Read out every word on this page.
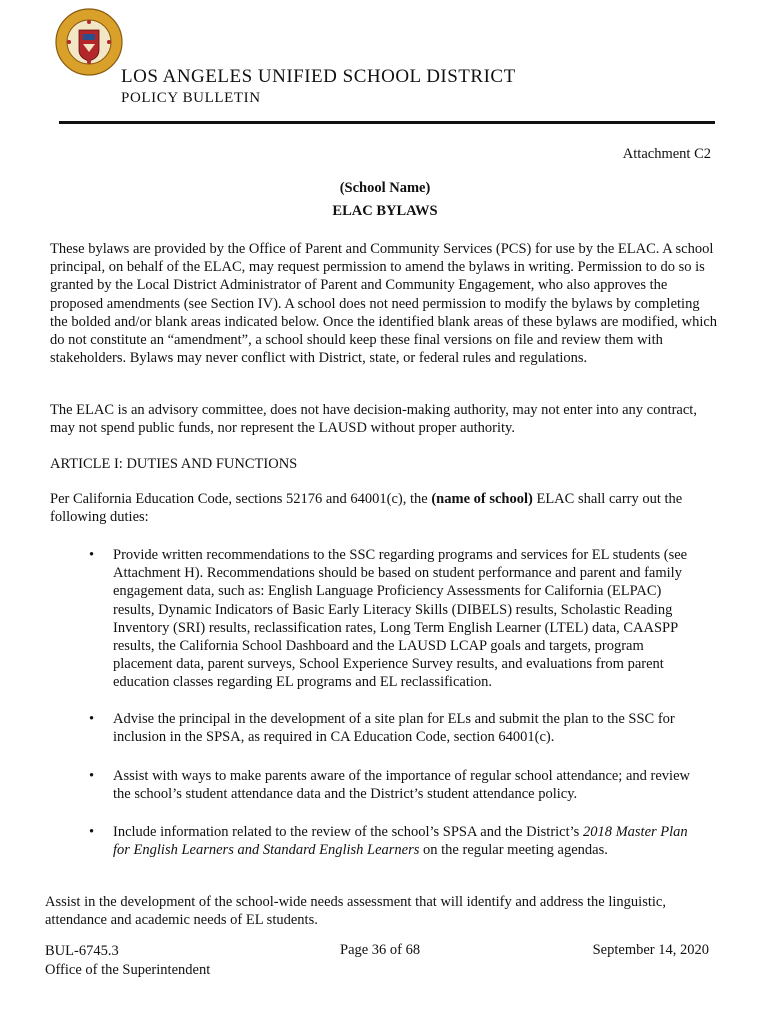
LOS ANGELES UNIFIED SCHOOL DISTRICT
POLICY BULLETIN
Attachment C2
(School Name)
ELAC BYLAWS

These bylaws are provided by the Office of Parent and Community Services (PCS) for use by the ELAC. A school principal, on behalf of the ELAC, may request permission to amend the bylaws in writing. Permission to do so is granted by the Local District Administrator of Parent and Community Engagement, who also approves the proposed amendments (see Section IV). A school does not need permission to modify the bylaws by completing the bolded and/or blank areas indicated below. Once the identified blank areas of these bylaws are modified, which do not constitute an “amendment”, a school should keep these final versions on file and review them with stakeholders. Bylaws may never conflict with District, state, or federal rules and regulations.

The ELAC is an advisory committee, does not have decision-making authority, may not enter into any contract, may not spend public funds, nor represent the LAUSD without proper authority.

ARTICLE I: DUTIES AND FUNCTIONS

Per California Education Code, sections 52176 and 64001(c), the (name of school) ELAC shall carry out the following duties:

• Provide written recommendations to the SSC regarding programs and services for EL students (see Attachment H). Recommendations should be based on student performance and parent and family engagement data, such as: English Language Proficiency Assessments for California (ELPAC) results, Dynamic Indicators of Basic Early Literacy Skills (DIBELS) results, Scholastic Reading Inventory (SRI) results, reclassification rates, Long Term English Learner (LTEL) data, CAASPP results, the California School Dashboard and the LAUSD LCAP goals and targets, program placement data, parent surveys, School Experience Survey results, and evaluations from parent education classes regarding EL programs and EL reclassification.
• Advise the principal in the development of a site plan for ELs and submit the plan to the SSC for inclusion in the SPSA, as required in CA Education Code, section 64001(c).
• Assist with ways to make parents aware of the importance of regular school attendance; and review the school’s student attendance data and the District’s student attendance policy.
• Include information related to the review of the school’s SPSA and the District’s 2018 Master Plan for English Learners and Standard English Learners on the regular meeting agendas.

Assist in the development of the school-wide needs assessment that will identify and address the linguistic, attendance and academic needs of EL students.

BUL-6745.3
Office of the Superintendent
Page 36 of 68	September 14, 2020
